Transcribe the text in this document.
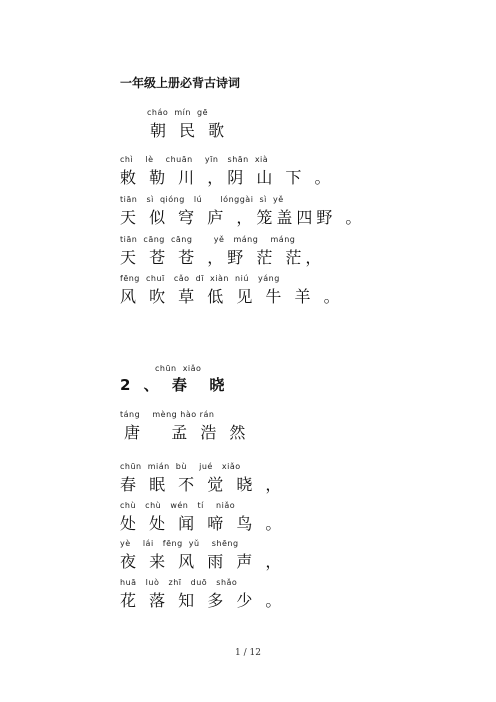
一年级上册必背古诗词
cháo  mín  gē
朝 民 歌
chì    lè    chuān    yīn   shān  xià
敕 勒 川 ，阴 山 下 。
tiān   sì  qióng   lú      lónggài  sì  yě
天 似 穹 庐 ，笼盖四野 。
tiān  cāng  cāng       yě   máng    máng
天 苍 苍 ，野 茫 茫，
fēng  chuī   cǎo  dī  xiàn  niú   yáng
风 吹 草 低 见 牛 羊 。
chūn  xiǎo
2 、 春  晓
táng    mèng hào rán
唐   孟 浩 然
chūn  mián  bù    jué   xiǎo
春 眠 不 觉 晓 ，
chù   chù   wén   tí    niǎo
处 处 闻 啼 鸟 。
yè    lái   fēng  yǔ    shēng
夜 来 风 雨 声 ，
huā   luò   zhī   duō   shǎo
花 落 知 多 少 。
1 / 12
